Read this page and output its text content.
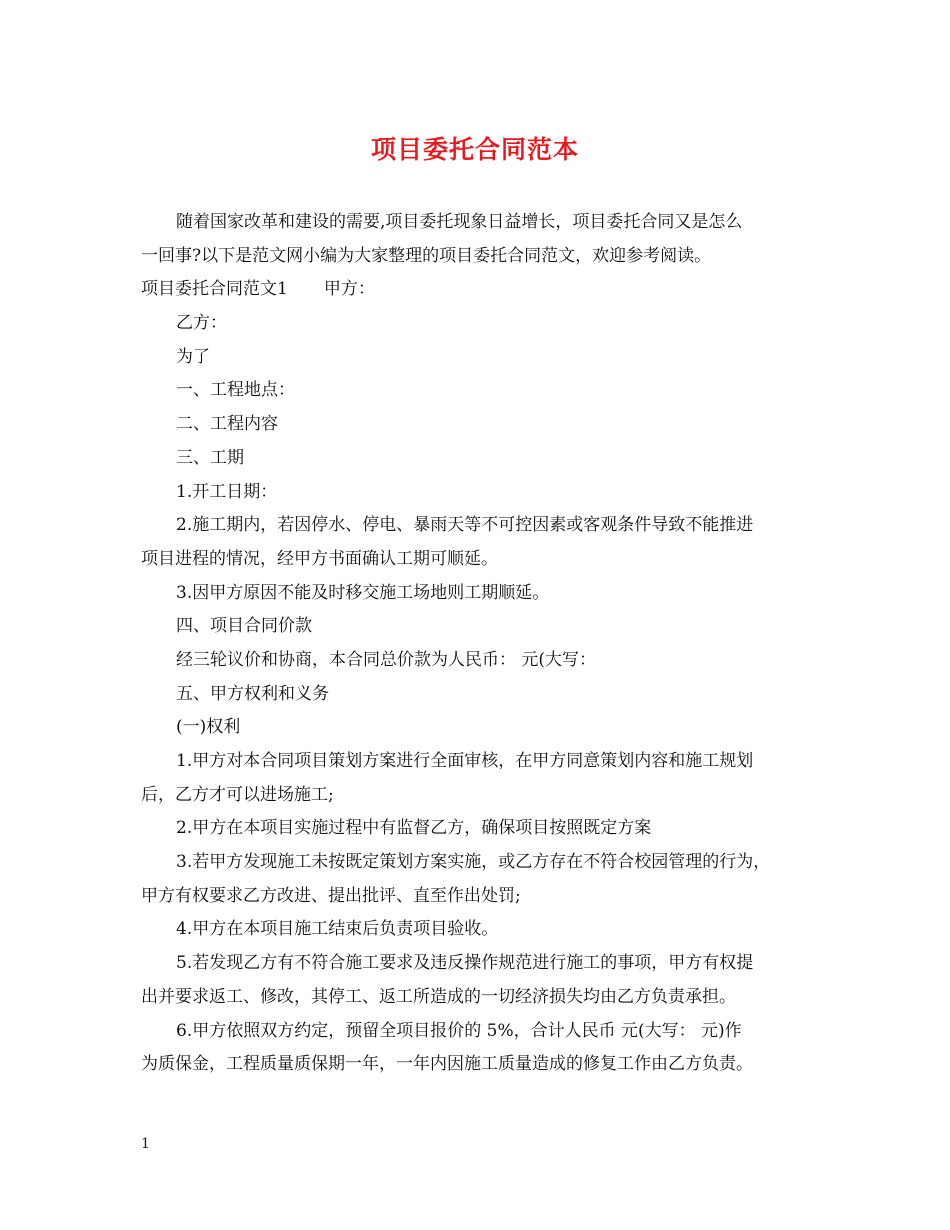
项目委托合同范本
随着国家改革和建设的需要,项目委托现象日益增长，项目委托合同又是怎么
一回事?以下是范文网小编为大家整理的项目委托合同范文，欢迎参考阅读。
项目委托合同范文1 甲方：
乙方：
为了
一、工程地点：
二、工程内容
三、工期
1.开工日期：
2.施工期内，若因停水、停电、暴雨天等不可控因素或客观条件导致不能推进
项目进程的情况，经甲方书面确认工期可顺延。
3.因甲方原因不能及时移交施工场地则工期顺延。
四、项目合同价款
经三轮议价和协商，本合同总价款为人民币： 元(大写：
五、甲方权利和义务
(一)权利
1.甲方对本合同项目策划方案进行全面审核，在甲方同意策划内容和施工规划
后，乙方才可以进场施工;
2.甲方在本项目实施过程中有监督乙方，确保项目按照既定方案
3.若甲方发现施工未按既定策划方案实施，或乙方存在不符合校园管理的行为，
甲方有权要求乙方改进、提出批评、直至作出处罚;
4.甲方在本项目施工结束后负责项目验收。
5.若发现乙方有不符合施工要求及违反操作规范进行施工的事项，甲方有权提
出并要求返工、修改，其停工、返工所造成的一切经济损失均由乙方负责承担。
6.甲方依照双方约定，预留全项目报价的 5%，合计人民币 元(大写： 元)作
为质保金，工程质量质保期一年，一年内因施工质量造成的修复工作由乙方负责。
1
